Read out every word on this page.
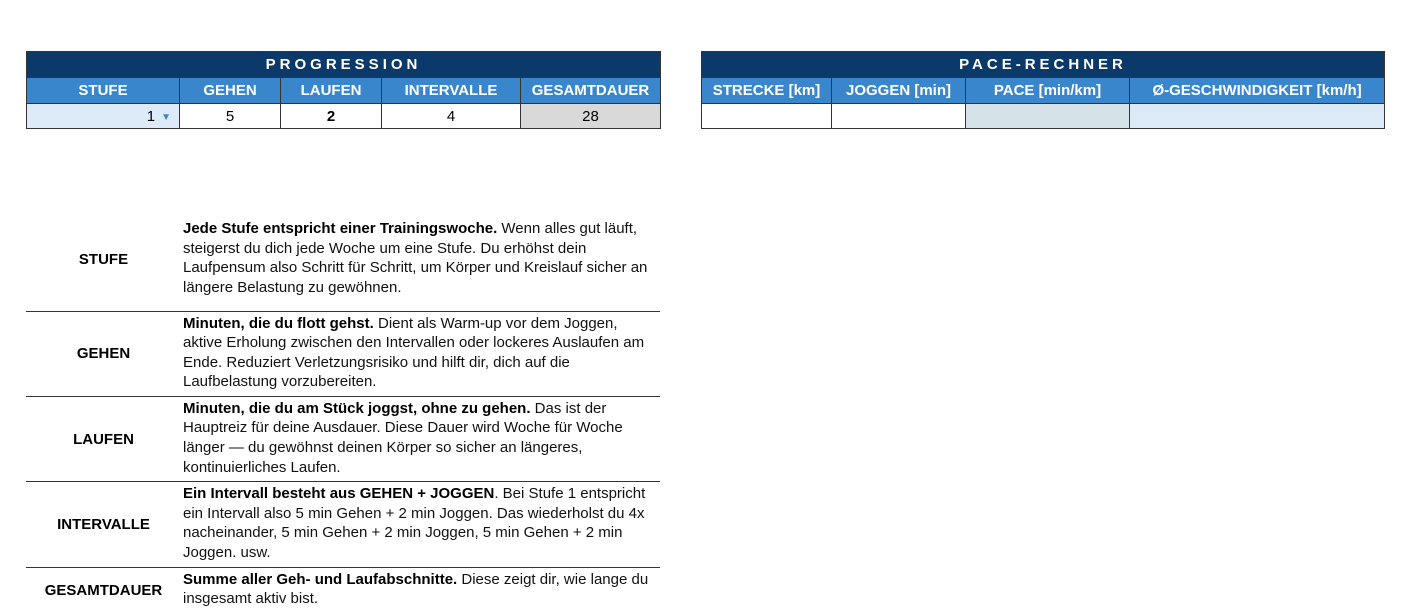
PROGRESSION				
STUFE	GEHEN	LAUFEN	INTERVALLE	GESAMTDAUER
1 ▼	5	2	4	28
PACE-RECHNER			
STRECKE [km]	JOGGEN [min]	PACE [min/km]	Ø-GESCHWINDIGKEIT [km/h]

STUFE	Jede Stufe entspricht einer Trainingswoche. Wenn alles gut läuft, steigerst du dich jede Woche um eine Stufe. Du erhöhst dein Laufpensum also Schritt für Schritt, um Körper und Kreislauf sicher an längere Belastung zu gewöhnen.
GEHEN	Minuten, die du flott gehst. Dient als Warm-up vor dem Joggen, aktive Erholung zwischen den Intervallen oder lockeres Auslaufen am Ende. Reduziert Verletzungsrisiko und hilft dir, dich auf die Laufbelastung vorzubereiten.
LAUFEN	Minuten, die du am Stück joggst, ohne zu gehen. Das ist der Hauptreiz für deine Ausdauer. Diese Dauer wird Woche für Woche länger — du gewöhnst deinen Körper so sicher an längeres, kontinuierliches Laufen.
INTERVALLE	Ein Intervall besteht aus GEHEN + JOGGEN. Bei Stufe 1 entspricht ein Intervall also 5 min Gehen + 2 min Joggen. Das wiederholst du 4x nacheinander, 5 min Gehen + 2 min Joggen, 5 min Gehen + 2 min Joggen. usw.
GESAMTDAUER	Summe aller Geh- und Laufabschnitte. Diese zeigt dir, wie lange du insgesamt aktiv bist.
